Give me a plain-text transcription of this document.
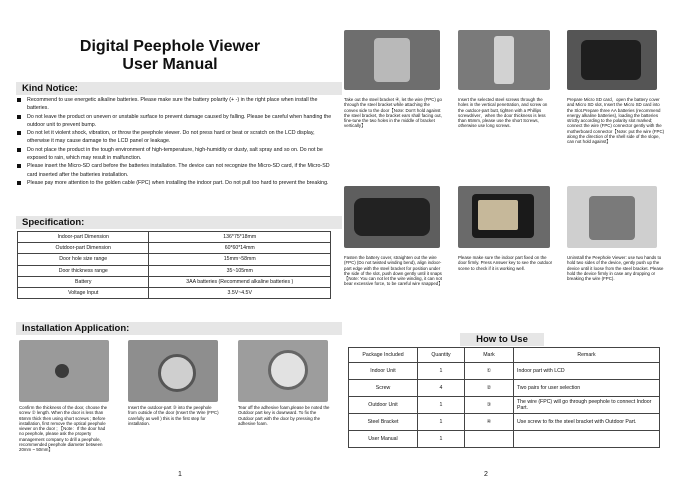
Digital Peephole Viewer
User Manual
Kind Notice:
Recommend to use energetic alkaline batteries. Please make sure the battery polarity (+ -) in the right place when install the batteries.
Do not leave the product on uneven or unstable surface to prevent damage caused by falling. Please be careful when handing the outdoor unit to prevent bump.
Do not let it violent shock, vibration, or throw the peephole viewer. Do not press hard or beat or scratch on the LCD display, otherwise it may cause damage to the LCD panel or leakage.
Do not place the product in the tough environment of high-temperature, high-humidity or dusty, salt spray and so on. Do not be exposed to rain, which may result in malfunction.
Please insert the Micro-SD card before the batteries installation. The device can not recognize the Micro-SD card, if the Micro-SD card inserted after the batteries installation.
Please pay more attention to the golden cable (FPC) when installing the indoor part. Do not pull too hard to prevent the breaking.
Specification:
Indoor-part Dimension	136*75*18mm
Outdoor-part Dimension	60*60*14mm
Door hole size range	15mm~58mm
Door thickness range	35~105mm
Battery	3AA batteries (Recommend alkaline batteries )
Voltage Input	3.5V~4.5V
Installation Application:
Confirm the thickness of the door, choose the screw ② length. When the door is less than 65mm thick then using short screws ; Before installation, first remove the optical peephole viewer on the door ; 【Note：If the door had no peephole, please ask the property management company to drill a peephole, recommended peephole diameter between 20mm ~ 50mm】
Insert the outdoor-part ③ into the peephole from outside of the door (Insert the Wire (FPC) carefully as well ) this is the first step for installation.
Tear off the adhesive foam,please be noted the Outdoor part key is downward. To fix the Outdoor part with the door by pressing the adhesive foam.
1
Take out the steel bracket ④, let the wire (FPC) go through the steel bracket while attaching the convex side to the door【Note: Don't hold against the steel bracket, the bracket ears shall facing out, fine-tune the two holes in the middle of bracket vertically】
Insert the selected steel screws through the holes in the vertical penetration, and screw on the outdoor-part butt, tighten with a Phillips screwdriver，when the door thickness is less than 65mm, please use the short Screws, otherwise use long screws.
Prepare Micro SD card，open the battery cover and Micro SD slot, Insert the Micro SD card into the Slot.Prepare three AA batteries (recommend energy alkaline batteries), loading the batteries strictly according to the polarity slot marked; connect the wire (FPC) connector gently with the motherboard connector【Note: put the wire (FPC) along the direction of the shell side of the slope, can not hold against】
Fasten the battery cover, straighten out the wire (FPC) (Do not twisted winding bend), align indoor-part edge with the steel bracket for position under the side of the slot, push down gently until it snaps【Note: You can not let the wire winding, it can not bear excessive force, to be careful wire snapped】
Please make sure the indoor part fixed on the door firmly. Press Answer key to see the outdoor scene to check if it is working well.
Uninstall the Peephole Viewer: use two hands to hold two sides of the device, gently push up the device until it loose from the steel bracket. Please hold the device firmly in case any dropping or breaking the wire (FPC).
How to Use
Package Included	Quantity	Mark	Remark
Indoor Unit	1	①	Indoor part with LCD
Screw	4	②	Two pairs for user selection
Outdoor Unit	1	③	The wire (FPC) will go through peephole to connect Indoor Part.
Steel Bracket	1	④	Use screw to fix the steel bracket with Outdoor Part.
User Manual	1		
2
